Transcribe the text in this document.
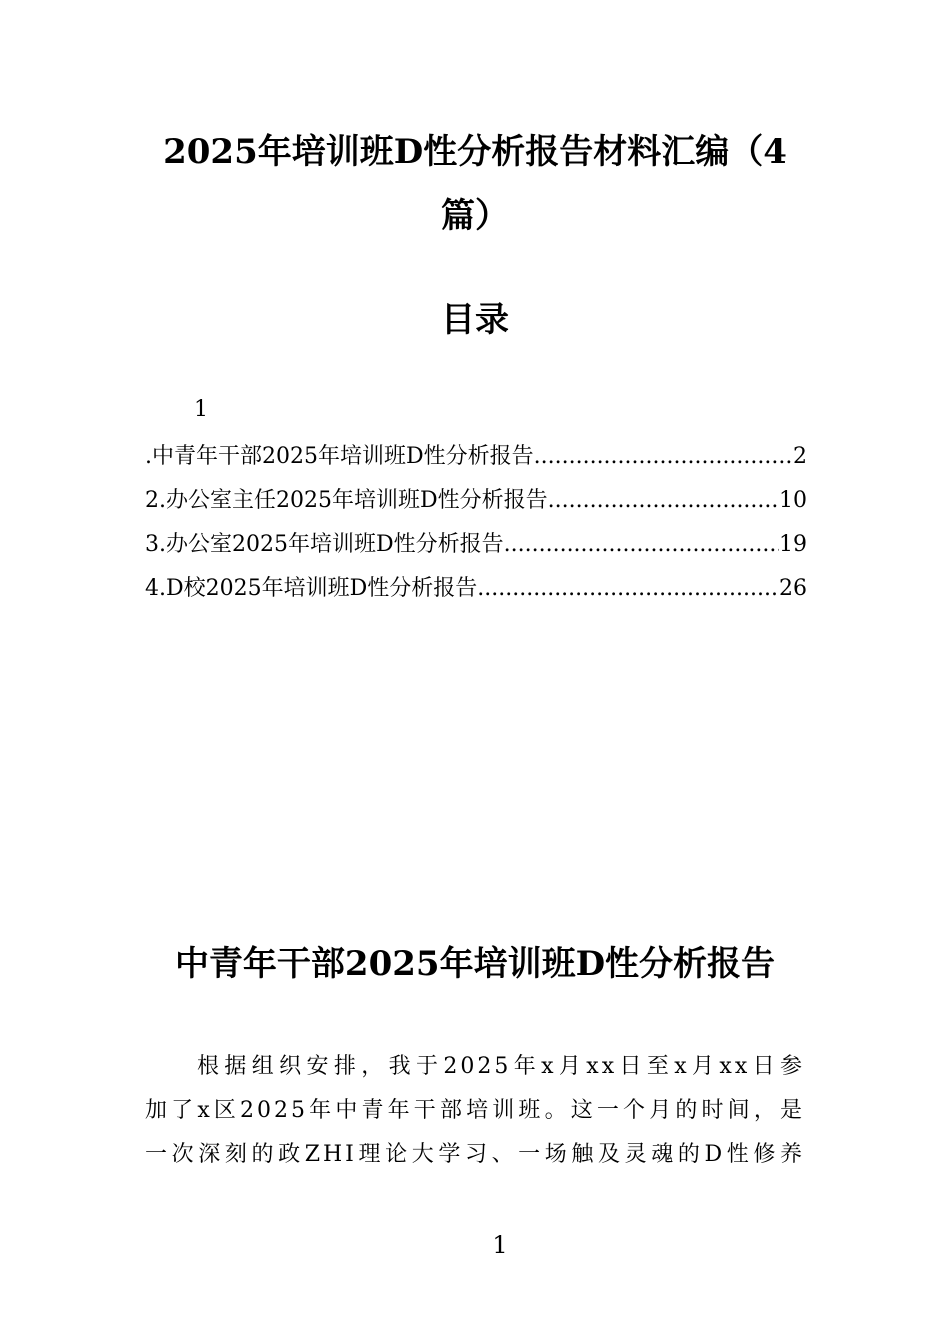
2025年培训班D性分析报告材料汇编（4篇）
目录
1
.中青年干部2025年培训班D性分析报告 .....	2
2.办公室主任2025年培训班D性分析报告 .....	10
3.办公室2025年培训班D性分析报告 .....	19
4.D校2025年培训班D性分析报告 .....	26
中青年干部2025年培训班D性分析报告
根据组织安排，我于2025年x月xx日至x月xx日参
加了x区2025年中青年干部培训班。这一个月的时间，是
一次深刻的政ZHI理论大学习、一场触及灵魂的D性修养
1
